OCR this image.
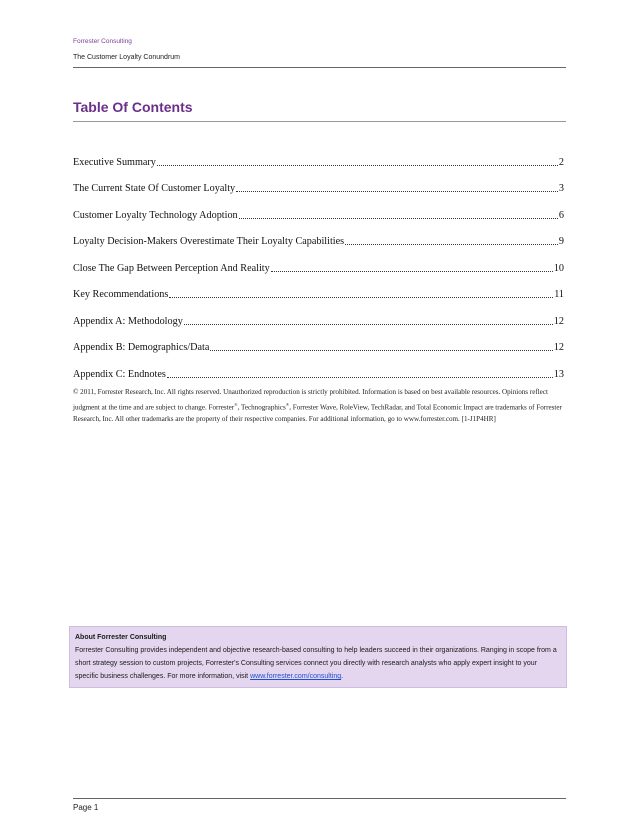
Forrester Consulting
The Customer Loyalty Conundrum
Table Of Contents
Executive Summary	2
The Current State Of Customer Loyalty	3
Customer Loyalty Technology Adoption	6
Loyalty Decision-Makers Overestimate Their Loyalty Capabilities	9
Close The Gap Between Perception And Reality	10
Key Recommendations	11
Appendix A: Methodology	12
Appendix B: Demographics/Data	12
Appendix C: Endnotes	13
© 2011, Forrester Research, Inc. All rights reserved. Unauthorized reproduction is strictly prohibited. Information is based on best available resources. Opinions reflect judgment at the time and are subject to change. Forrester®, Technographics®, Forrester Wave, RoleView, TechRadar, and Total Economic Impact are trademarks of Forrester Research, Inc. All other trademarks are the property of their respective companies. For additional information, go to www.forrester.com. [1-J1P4HR]
About Forrester Consulting
Forrester Consulting provides independent and objective research-based consulting to help leaders succeed in their organizations. Ranging in scope from a short strategy session to custom projects, Forrester's Consulting services connect you directly with research analysts who apply expert insight to your specific business challenges. For more information, visit www.forrester.com/consulting.
Page 1
